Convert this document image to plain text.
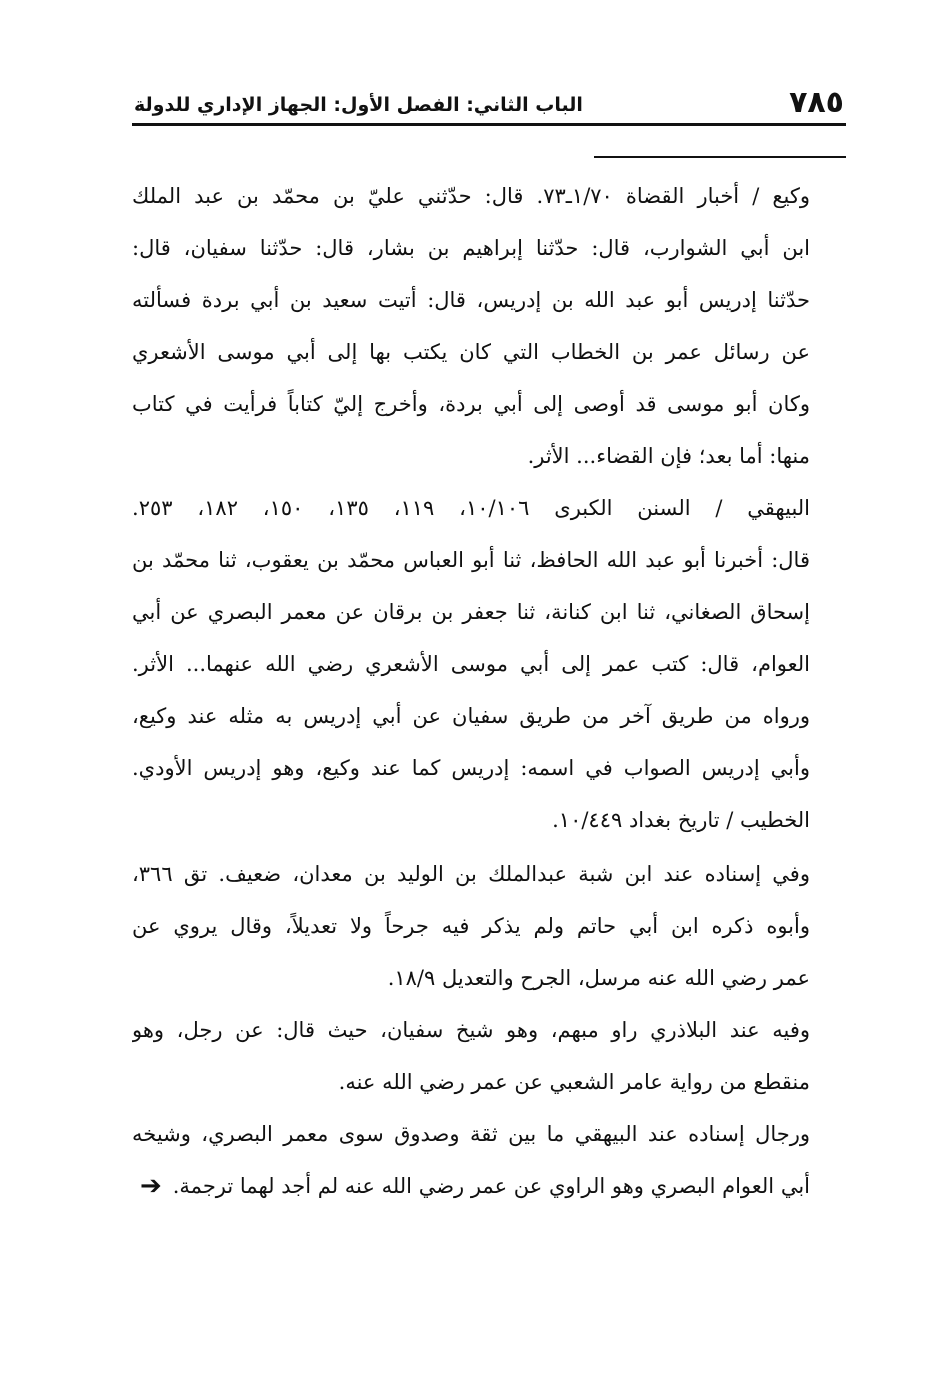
٧٨٥
الباب الثاني: الفصل الأول: الجهاز الإداري للدولة
وكيع / أخبار القضاة ١/٧٠ـ٧٣. قال: حدّثني عليّ بن محمّد بن عبد الملك
ابن أبي الشوارب، قال: حدّثنا إبراهيم بن بشار، قال: حدّثنا سفيان، قال:
حدّثنا إدريس أبو عبد الله بن إدريس، قال: أتيت سعيد بن أبي بردة فسألته
عن رسائل عمر بن الخطاب التي كان يكتب بها إلى أبي موسى الأشعري
وكان أبو موسى قد أوصى إلى أبي بردة، وأخرج إليّ كتاباً فرأيت في كتاب
منها: أما بعد؛ فإن القضاء... الأثر.
البيهقي / السنن الكبرى ١٠/١٠٦، ١١٩، ١٣٥، ١٥٠، ١٨٢، ٢٥٣.
قال: أخبرنا أبو عبد الله الحافظ، ثنا أبو العباس محمّد بن يعقوب، ثنا محمّد بن
إسحاق الصغاني، ثنا ابن كنانة، ثنا جعفر بن برقان عن معمر البصري عن أبي
العوام، قال: كتب عمر إلى أبي موسى الأشعري رضي الله عنهما... الأثر.
ورواه من طريق آخر من طريق سفيان عن أبي إدريس به مثله عند وكيع،
وأبي إدريس الصواب في اسمه: إدريس كما عند وكيع، وهو إدريس الأودي.
الخطيب / تاريخ بغداد ١٠/٤٤٩.
وفي إسناده عند ابن شبة عبدالملك بن الوليد بن معدان، ضعيف. تق ٣٦٦،
وأبوه ذكره ابن أبي حاتم ولم يذكر فيه جرحاً ولا تعديلاً، وقال يروي عن
عمر رضي الله عنه مرسل، الجرح والتعديل ١٨/٩.
وفيه عند البلاذري راو مبهم، وهو شيخ سفيان، حيث قال: عن رجل، وهو
منقطع من رواية عامر الشعبي عن عمر رضي الله عنه.
ورجال إسناده عند البيهقي ما بين ثقة وصدوق سوى معمر البصري، وشيخه
أبي العوام البصري وهو الراوي عن عمر رضي الله عنه لم أجد لهما ترجمة.
➔
